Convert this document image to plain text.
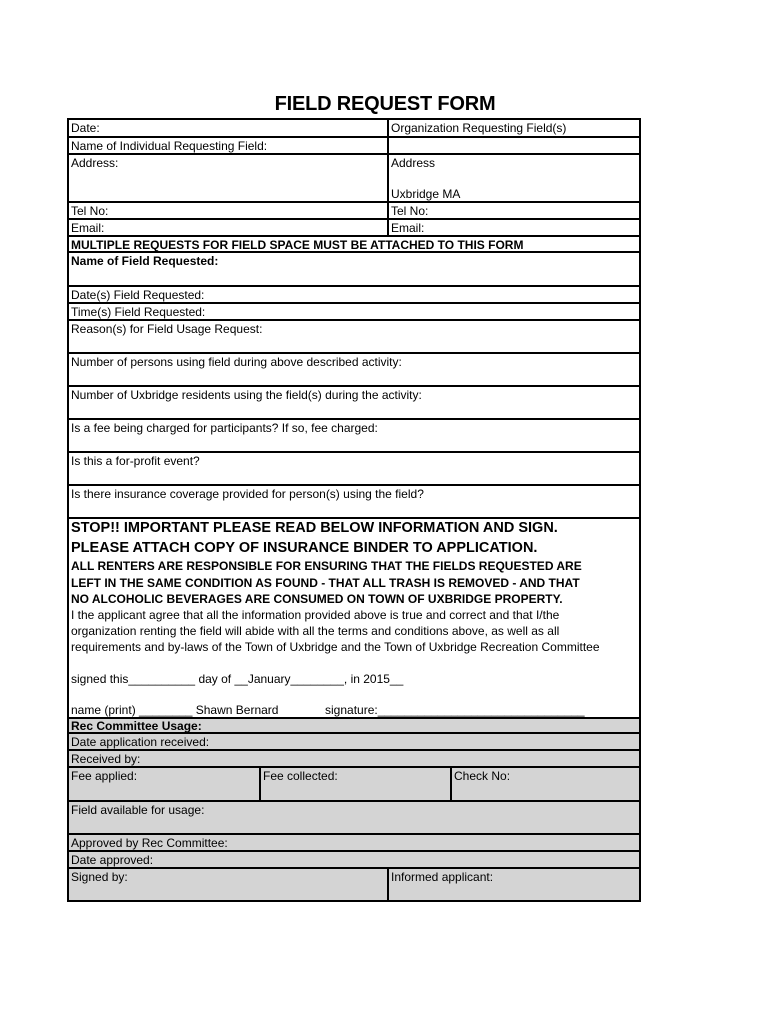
FIELD REQUEST FORM
Date:	Organization Requesting Field(s)
Name of Individual Requesting Field:
Address:	Address
Uxbridge MA
Tel No:	Tel No:
Email:	Email:
MULTIPLE REQUESTS FOR FIELD SPACE MUST BE ATTACHED TO THIS FORM
Name of Field Requested:
Date(s) Field Requested:
Time(s) Field Requested:
Reason(s) for Field Usage Request:
Number of persons using field during above described activity:
Number of Uxbridge residents using the field(s) during the activity:
Is a fee being charged for participants? If so, fee charged:
Is this a for-profit event?
Is there insurance coverage provided for person(s) using the field?
STOP!! IMPORTANT PLEASE READ BELOW INFORMATION AND SIGN.
PLEASE ATTACH COPY OF INSURANCE BINDER TO APPLICATION.
ALL RENTERS ARE RESPONSIBLE FOR ENSURING THAT THE FIELDS REQUESTED ARE
LEFT IN THE SAME CONDITION AS FOUND - THAT ALL TRASH IS REMOVED - AND THAT
NO ALCOHOLIC BEVERAGES ARE CONSUMED ON TOWN OF UXBRIDGE PROPERTY.
I the applicant agree that all the information provided above is true and correct and that I/the
organization renting the field will abide with all the terms and conditions above, as well as all
requirements and by-laws of the Town of Uxbridge and the Town of Uxbridge Recreation Committee
signed this__________ day of __January________, in 2015__
name (print) ________ Shawn Bernard	signature:_______________________________
Rec Committee Usage:
Date application received:
Received by:
Fee applied:	Fee collected:	Check No:
Field available for usage:
Approved by Rec Committee:
Date approved:
Signed by:	Informed applicant:
